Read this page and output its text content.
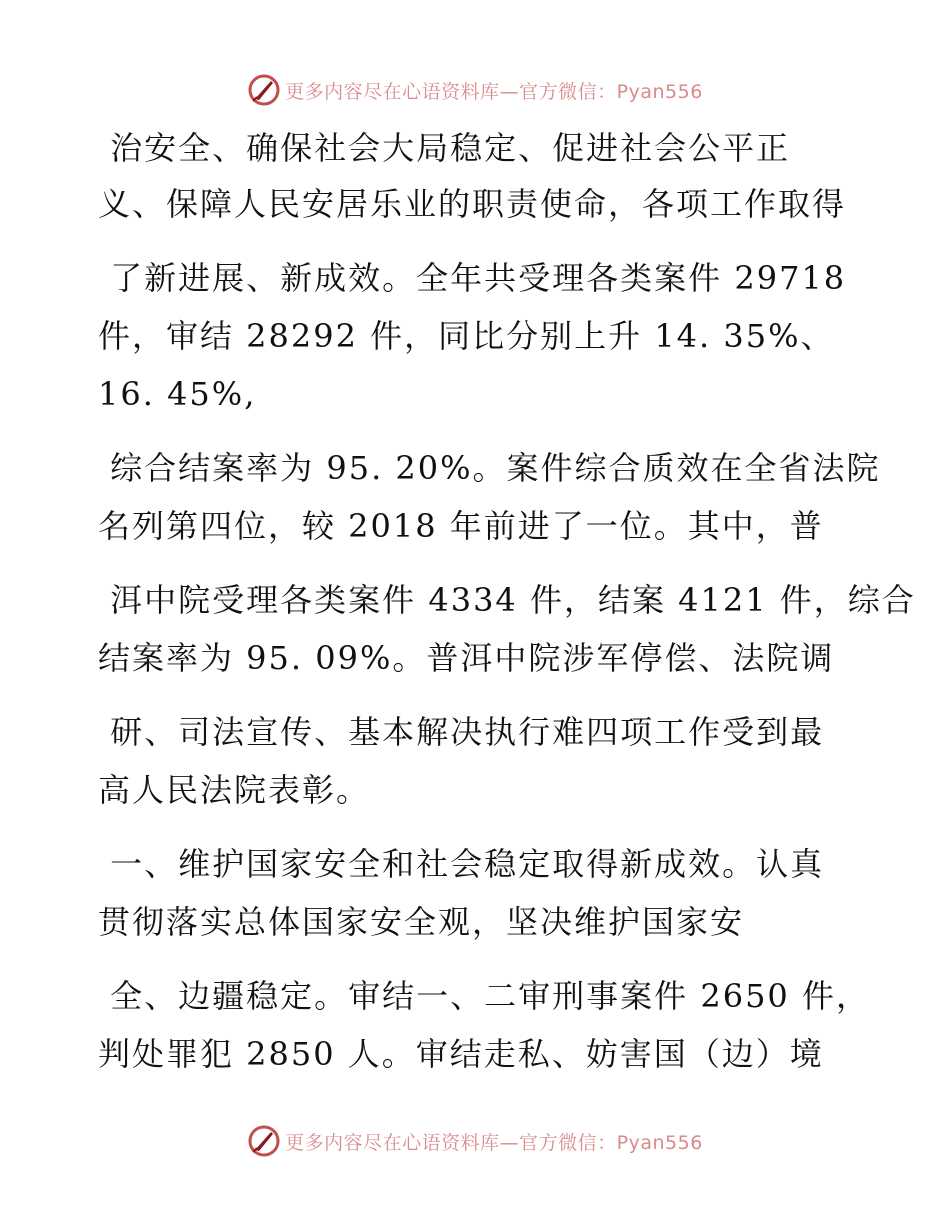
更多内容尽在心语资料库—官方微信：Pyan556
治安全、确保社会大局稳定、促进社会公平正
义、保障人民安居乐业的职责使命，各项工作取得
了新进展、新成效。全年共受理各类案件 29718
件，审结 28292 件，同比分别上升 14. 35%、
16. 45%,
综合结案率为 95. 20%。案件综合质效在全省法院
名列第四位，较 2018 年前进了一位。其中，普
洱中院受理各类案件 4334 件，结案 4121 件，综合
结案率为 95. 09%。普洱中院涉军停偿、法院调
研、司法宣传、基本解决执行难四项工作受到最
高人民法院表彰。
一、维护国家安全和社会稳定取得新成效。认真
贯彻落实总体国家安全观，坚决维护国家安
全、边疆稳定。审结一、二审刑事案件 2650 件，
判处罪犯 2850 人。审结走私、妨害国（边）境
更多内容尽在心语资料库—官方微信：Pyan556
